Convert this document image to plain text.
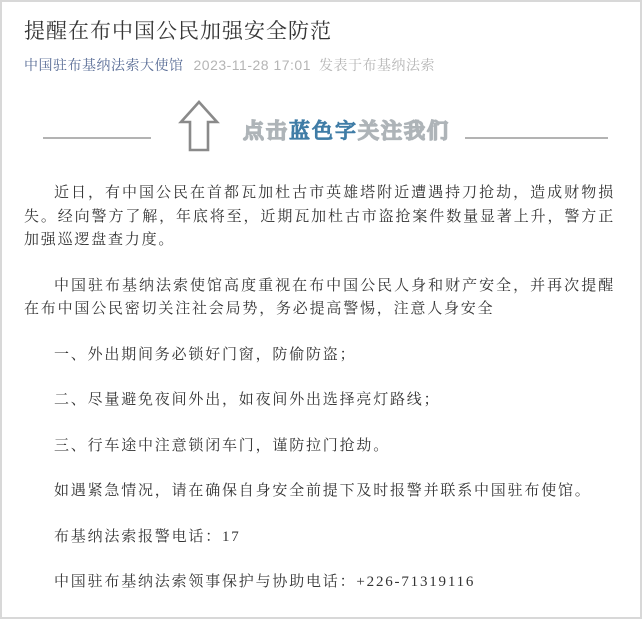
提醒在布中国公民加强安全防范
中国驻布基纳法索大使馆 2023-11-28 17:01 发表于布基纳法索
点击蓝色字关注我们

近日，有中国公民在首都瓦加杜古市英雄塔附近遭遇持刀抢劫，造成财物损失。经向警方了解，年底将至，近期瓦加杜古市盗抢案件数量显著上升，警方正加强巡逻盘查力度。

中国驻布基纳法索使馆高度重视在布中国公民人身和财产安全，并再次提醒在布中国公民密切关注社会局势，务必提高警惕，注意人身安全

一、外出期间务必锁好门窗，防偷防盗；

二、尽量避免夜间外出，如夜间外出选择亮灯路线；

三、行车途中注意锁闭车门，谨防拉门抢劫。

如遇紧急情况，请在确保自身安全前提下及时报警并联系中国驻布使馆。

布基纳法索报警电话：17

中国驻布基纳法索领事保护与协助电话：+226-71319116
